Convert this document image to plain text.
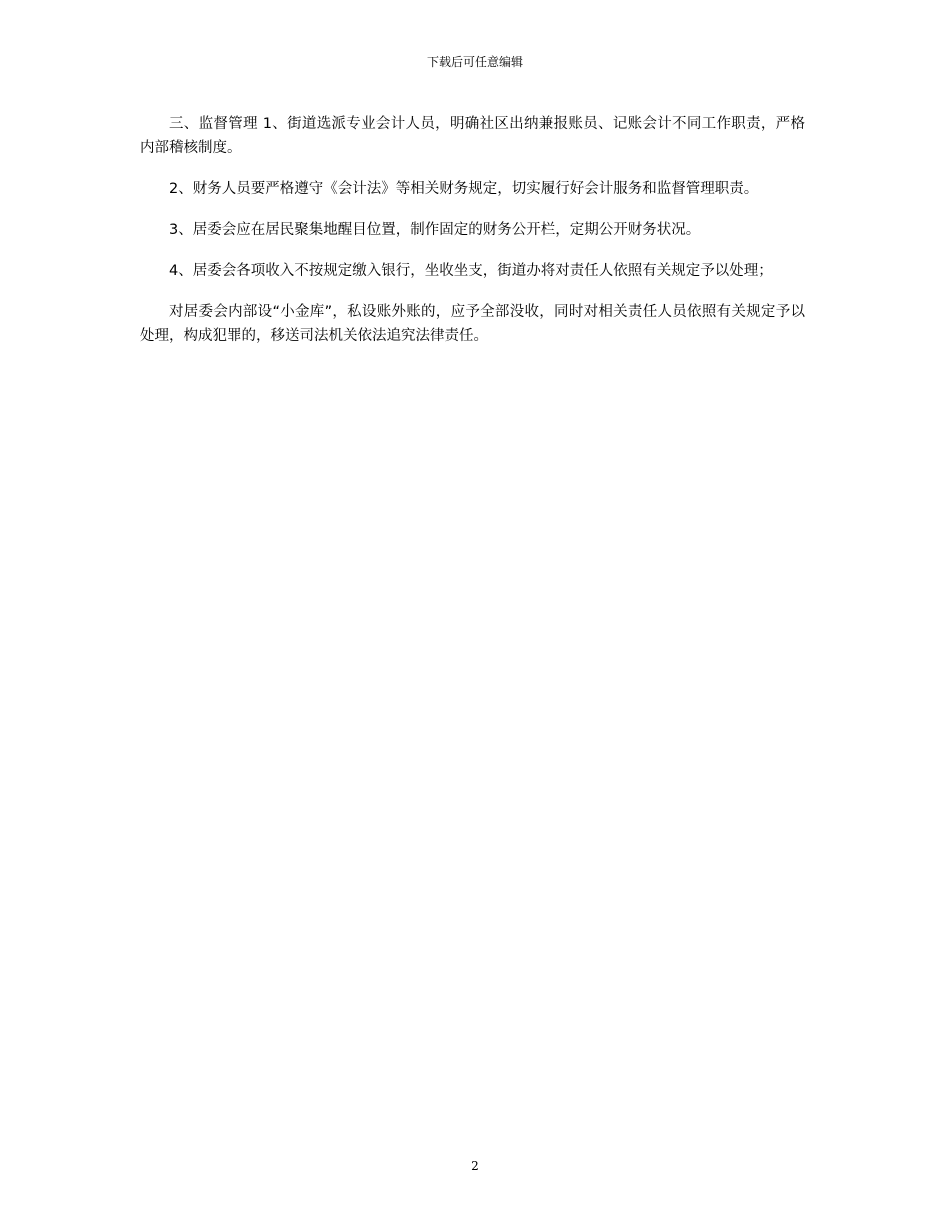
下载后可任意编辑

三、监督管理 1、街道选派专业会计人员，明确社区出纳兼报账员、记账会计不同工作职责，严格内部稽核制度。

2、财务人员要严格遵守《会计法》等相关财务规定，切实履行好会计服务和监督管理职责。

3、居委会应在居民聚集地醒目位置，制作固定的财务公开栏，定期公开财务状况。

4、居委会各项收入不按规定缴入银行，坐收坐支，街道办将对责任人依照有关规定予以处理；

对居委会内部设“小金库”，私设账外账的，应予全部没收，同时对相关责任人员依照有关规定予以处理，构成犯罪的，移送司法机关依法追究法律责任。

2
